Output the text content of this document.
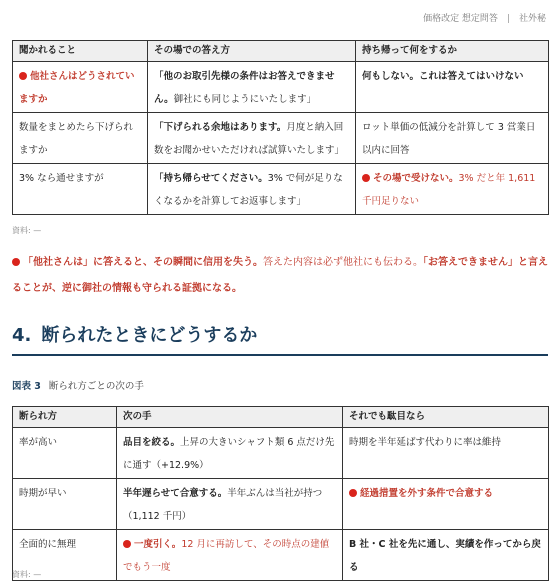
価格改定 想定問答 | 社外秘
聞かれること	その場での答え方	持ち帰って何をするか
他社さんはどうされていますか	「他のお取引先様の条件はお答えできません。御社にも同じようにいたします」	何もしない。これは答えてはいけない
数量をまとめたら下げられますか	「下げられる余地はあります。月度と納入回数をお聞かせいただければ試算いたします」	ロット単価の低減分を計算して 3 営業日以内に回答
3% なら通せますが	「持ち帰らせてください。3% で何が足りなくなるかを計算してお返事します」	その場で受けない。3% だと年 1,611 千円足りない
資料: —
「他社さんは」に答えると、その瞬間に信用を失う。答えた内容は必ず他社にも伝わる。「お答えできません」と言えることが、逆に御社の情報も守られる証拠になる。
4. 断られたときにどうするか
図表 3 断られ方ごとの次の手
断られ方	次の手	それでも駄目なら
率が高い	品目を絞る。上昇の大きいシャフト類 6 点だけ先に通す（+12.9%）	時期を半年延ばす代わりに率は維持
時期が早い	半年遅らせて合意する。半年ぶんは当社が持つ（1,112 千円）	経過措置を外す条件で合意する
全面的に無理	一度引く。12 月に再訪して、その時点の建値でもう一度	B 社・C 社を先に通し、実績を作ってから戻る
資料: —
